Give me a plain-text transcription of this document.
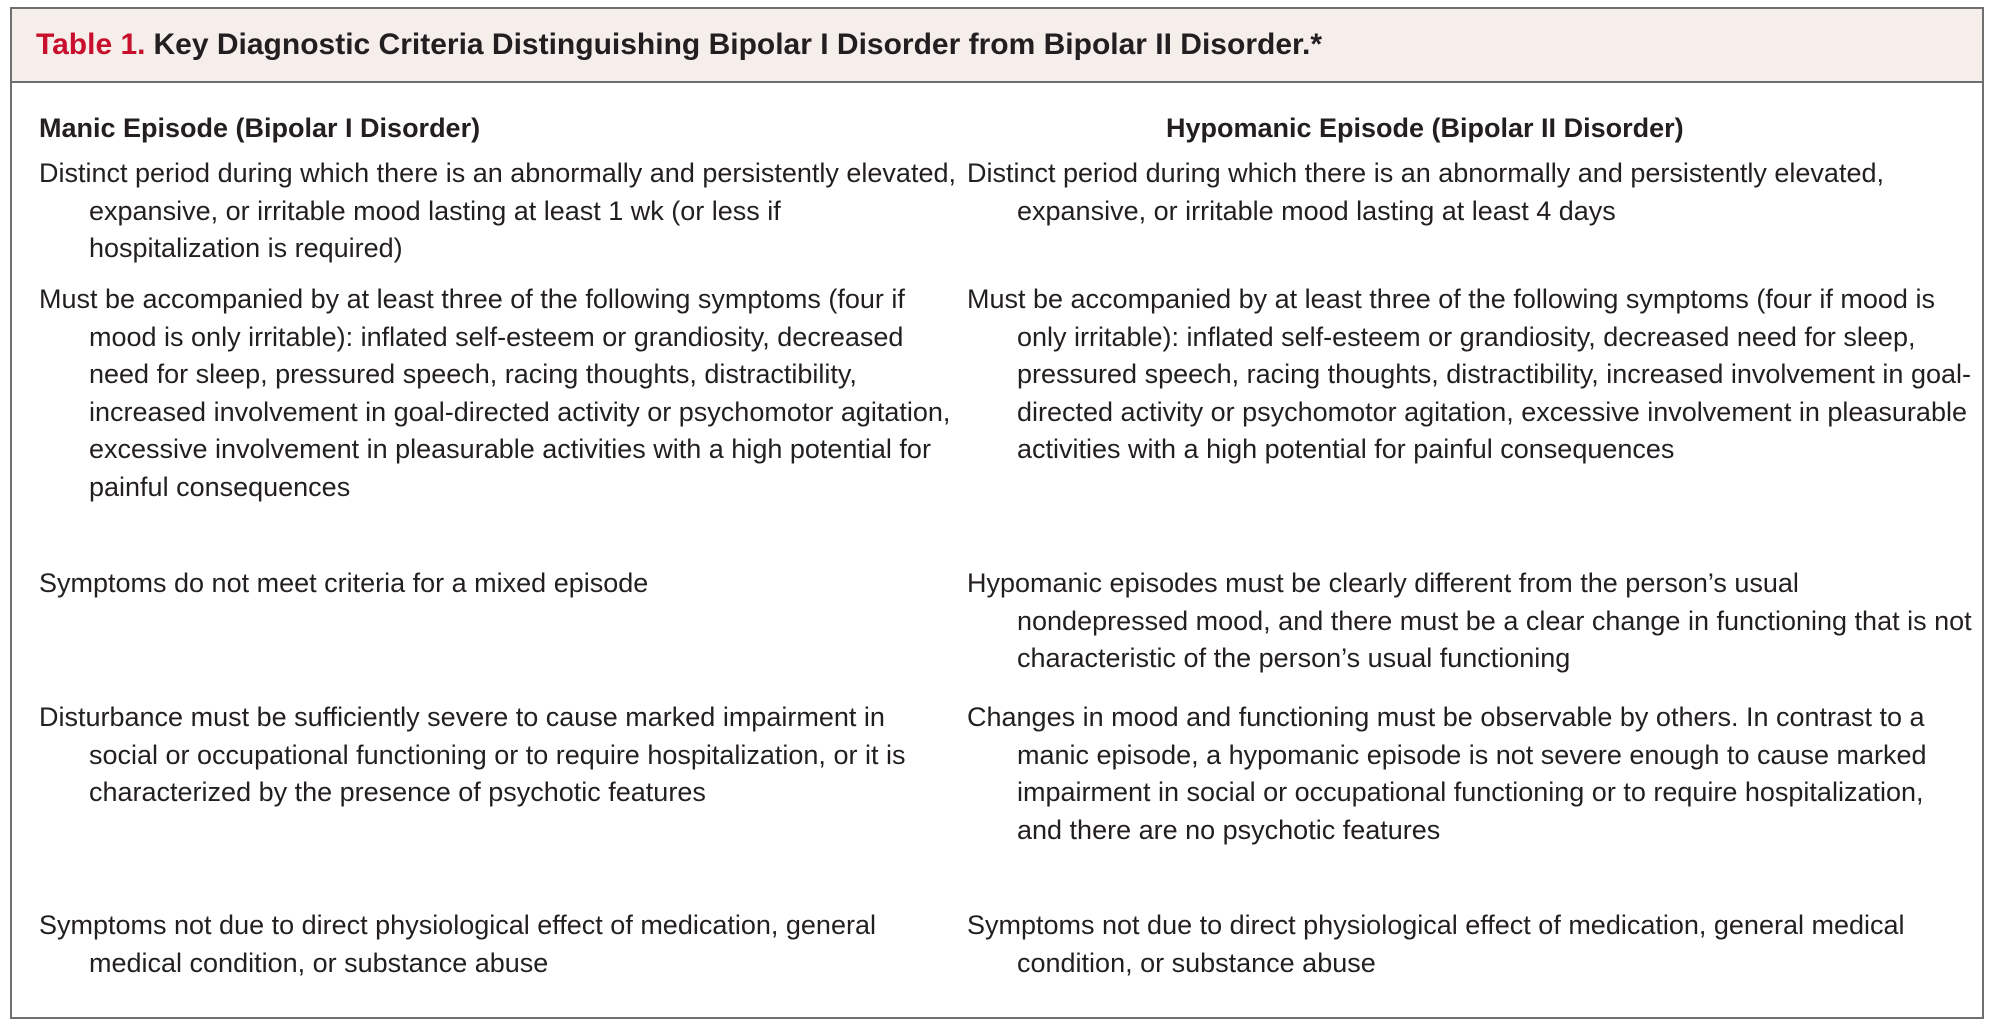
Table 1. Key Diagnostic Criteria Distinguishing Bipolar I Disorder from Bipolar II Disorder.*
Manic Episode (Bipolar I Disorder)
Distinct period during which there is an abnormally and persistently elevated, expansive, or irritable mood lasting at least 1 wk (or less if hospitalization is required)
Must be accompanied by at least three of the following symptoms (four if mood is only irritable): inflated self-esteem or grandiosity, decreased need for sleep, pressured speech, racing thoughts, distractibility, increased involvement in goal-directed activity or psychomotor agitation, excessive involvement in pleasurable activities with a high potential for painful consequences
Symptoms do not meet criteria for a mixed episode
Disturbance must be sufficiently severe to cause marked impairment in social or occupational functioning or to require hospitalization, or it is characterized by the presence of psychotic features
Symptoms not due to direct physiological effect of medication, general medical condition, or substance abuse
Hypomanic Episode (Bipolar II Disorder)
Distinct period during which there is an abnormally and persistently elevated, expansive, or irritable mood lasting at least 4 days
Must be accompanied by at least three of the following symptoms (four if mood is only irritable): inflated self-esteem or grandiosity, decreased need for sleep, pressured speech, racing thoughts, distractibility, increased involvement in goal-directed activity or psychomotor agitation, excessive involvement in pleasurable activities with a high potential for painful consequences
Hypomanic episodes must be clearly different from the person’s usual nondepressed mood, and there must be a clear change in functioning that is not characteristic of the person’s usual functioning
Changes in mood and functioning must be observable by others. In contrast to a manic episode, a hypomanic episode is not severe enough to cause marked impairment in social or occupational functioning or to require hospitalization, and there are no psychotic features
Symptoms not due to direct physiological effect of medication, general medical condition, or substance abuse
